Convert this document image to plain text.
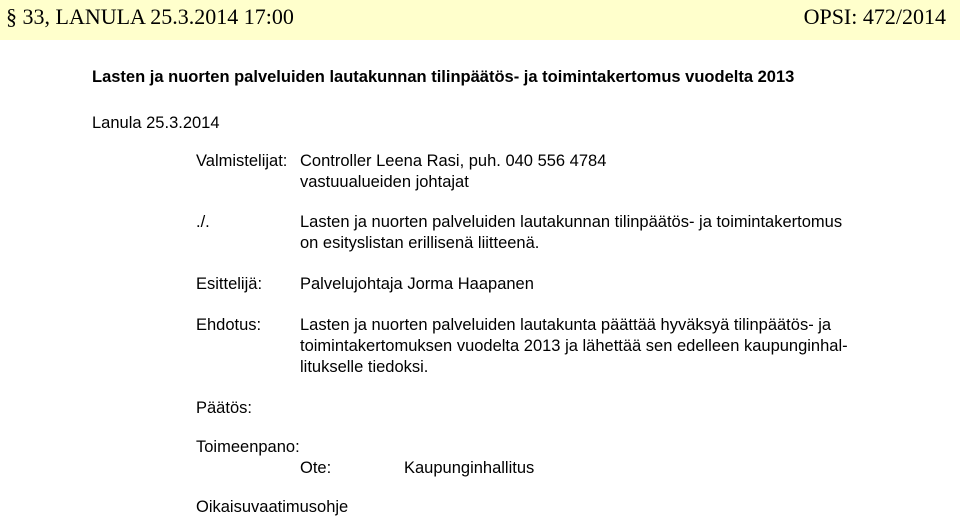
§ 33, LANULA 25.3.2014 17:00	OPSI: 472/2014
Lasten ja nuorten palveluiden lautakunnan tilinpäätös- ja toimintakertomus vuodelta 2013
Lanula 25.3.2014
Valmistelijat: Controller Leena Rasi, puh. 040 556 4784
vastuualueiden johtajat
./.	Lasten ja nuorten palveluiden lautakunnan tilinpäätös- ja toimintakertomus
on esityslistan erillisenä liitteenä.
Esittelijä: Palvelujohtaja Jorma Haapanen
Ehdotus: Lasten ja nuorten palveluiden lautakunta päättää hyväksyä tilinpäätös- ja
toimintakertomuksen vuodelta 2013 ja lähettää sen edelleen kaupunginhal-
litukselle tiedoksi.
Päätös:
Toimeenpano:
Ote:	Kaupunginhallitus
Oikaisuvaatimusohje
